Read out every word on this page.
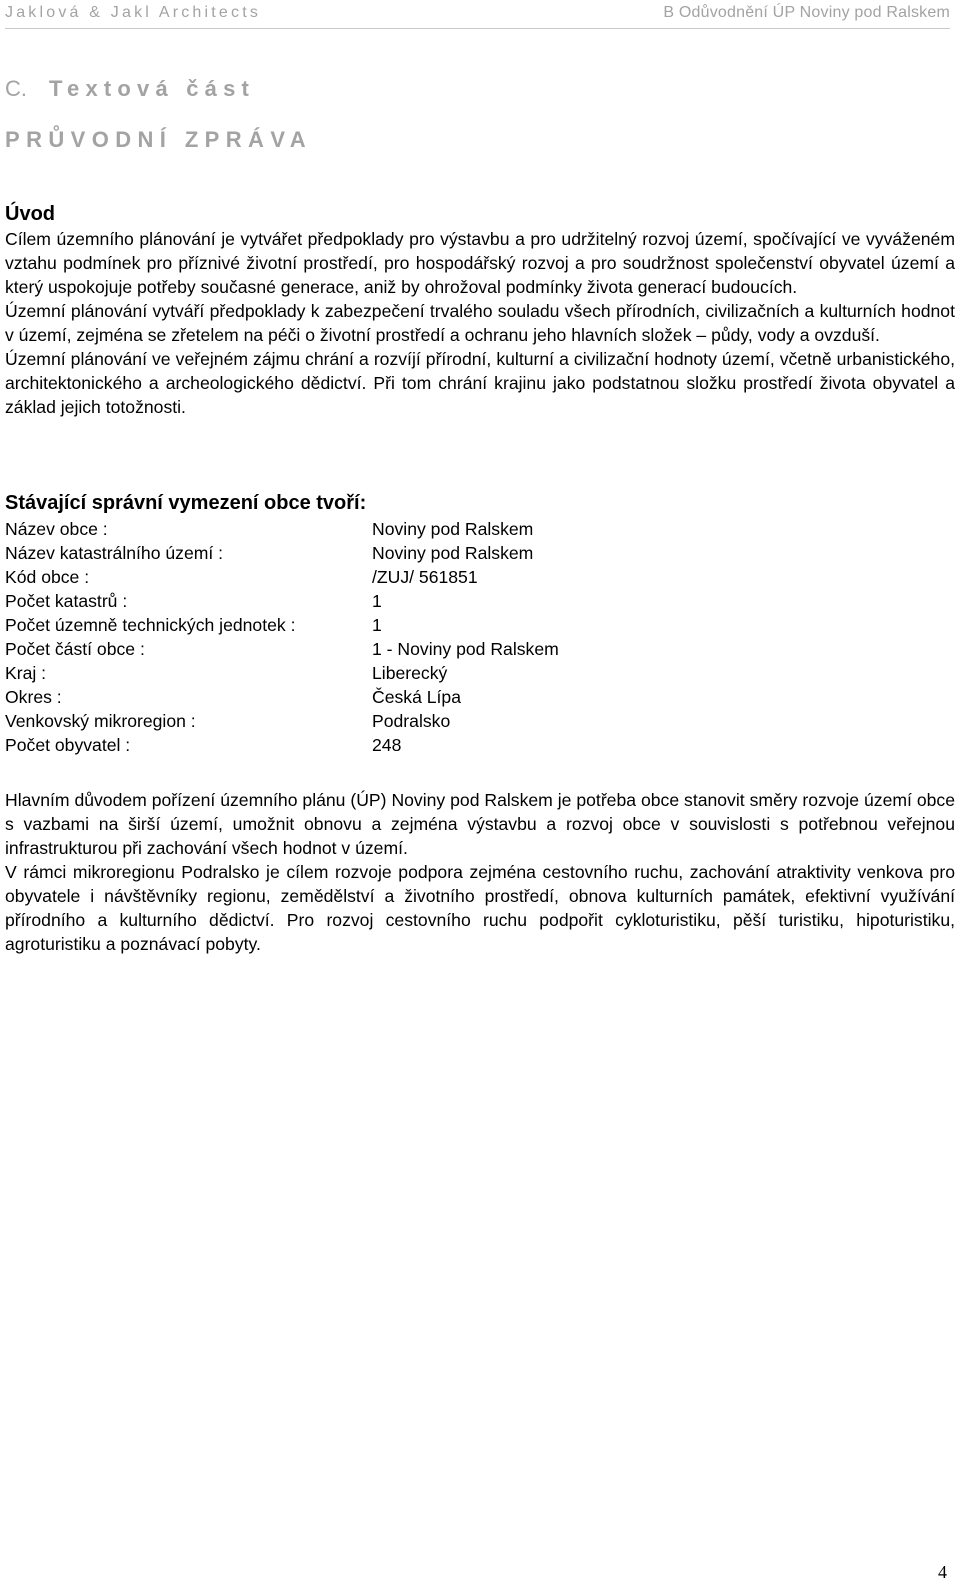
Jaklová & Jakl Architects	B Odůvodnění ÚP Noviny pod Ralskem
C. Textová část
PRŮVODNÍ ZPRÁVA
Úvod

Cílem územního plánování je vytvářet předpoklady pro výstavbu a pro udržitelný rozvoj území, spočívající ve vyváženém vztahu podmínek pro příznivé životní prostředí, pro hospodářský rozvoj a pro soudržnost společenství obyvatel území a který uspokojuje potřeby současné generace, aniž by ohrožoval podmínky života generací budoucích.

Územní plánování vytváří předpoklady k zabezpečení trvalého souladu všech přírodních, civilizačních a kulturních hodnot v území, zejména se zřetelem na péči o životní prostředí a ochranu jeho hlavních složek – půdy, vody a ovzduší.

Územní plánování ve veřejném zájmu chrání a rozvíjí přírodní, kulturní a civilizační hodnoty území, včetně urbanistického, architektonického a archeologického dědictví. Při tom chrání krajinu jako podstatnou složku prostředí života obyvatel a základ jejich totožnosti.

Stávající správní vymezení obce tvoří:
Název obce :	Noviny pod Ralskem
Název katastrálního území :	Noviny pod Ralskem
Kód obce :	/ZUJ/ 561851
Počet katastrů :	1
Počet územně technických jednotek :	1
Počet částí obce :	1 - Noviny pod Ralskem
Kraj :	Liberecký
Okres :	Česká Lípa
Venkovský mikroregion :	Podralsko
Počet obyvatel :	248

Hlavním důvodem pořízení územního plánu (ÚP) Noviny pod Ralskem je potřeba obce stanovit směry rozvoje území obce s vazbami na širší území, umožnit obnovu a zejména výstavbu a rozvoj obce v souvislosti s potřebnou veřejnou infrastrukturou při zachování všech hodnot v území.

V rámci mikroregionu Podralsko je cílem rozvoje podpora zejména cestovního ruchu, zachování atraktivity venkova pro obyvatele i návštěvníky regionu, zemědělství a životního prostředí, obnova kulturních památek, efektivní využívání přírodního a kulturního dědictví. Pro rozvoj cestovního ruchu podpořit cykloturistiku, pěší turistiku, hipoturistiku, agroturistiku a poznávací pobyty.

4
